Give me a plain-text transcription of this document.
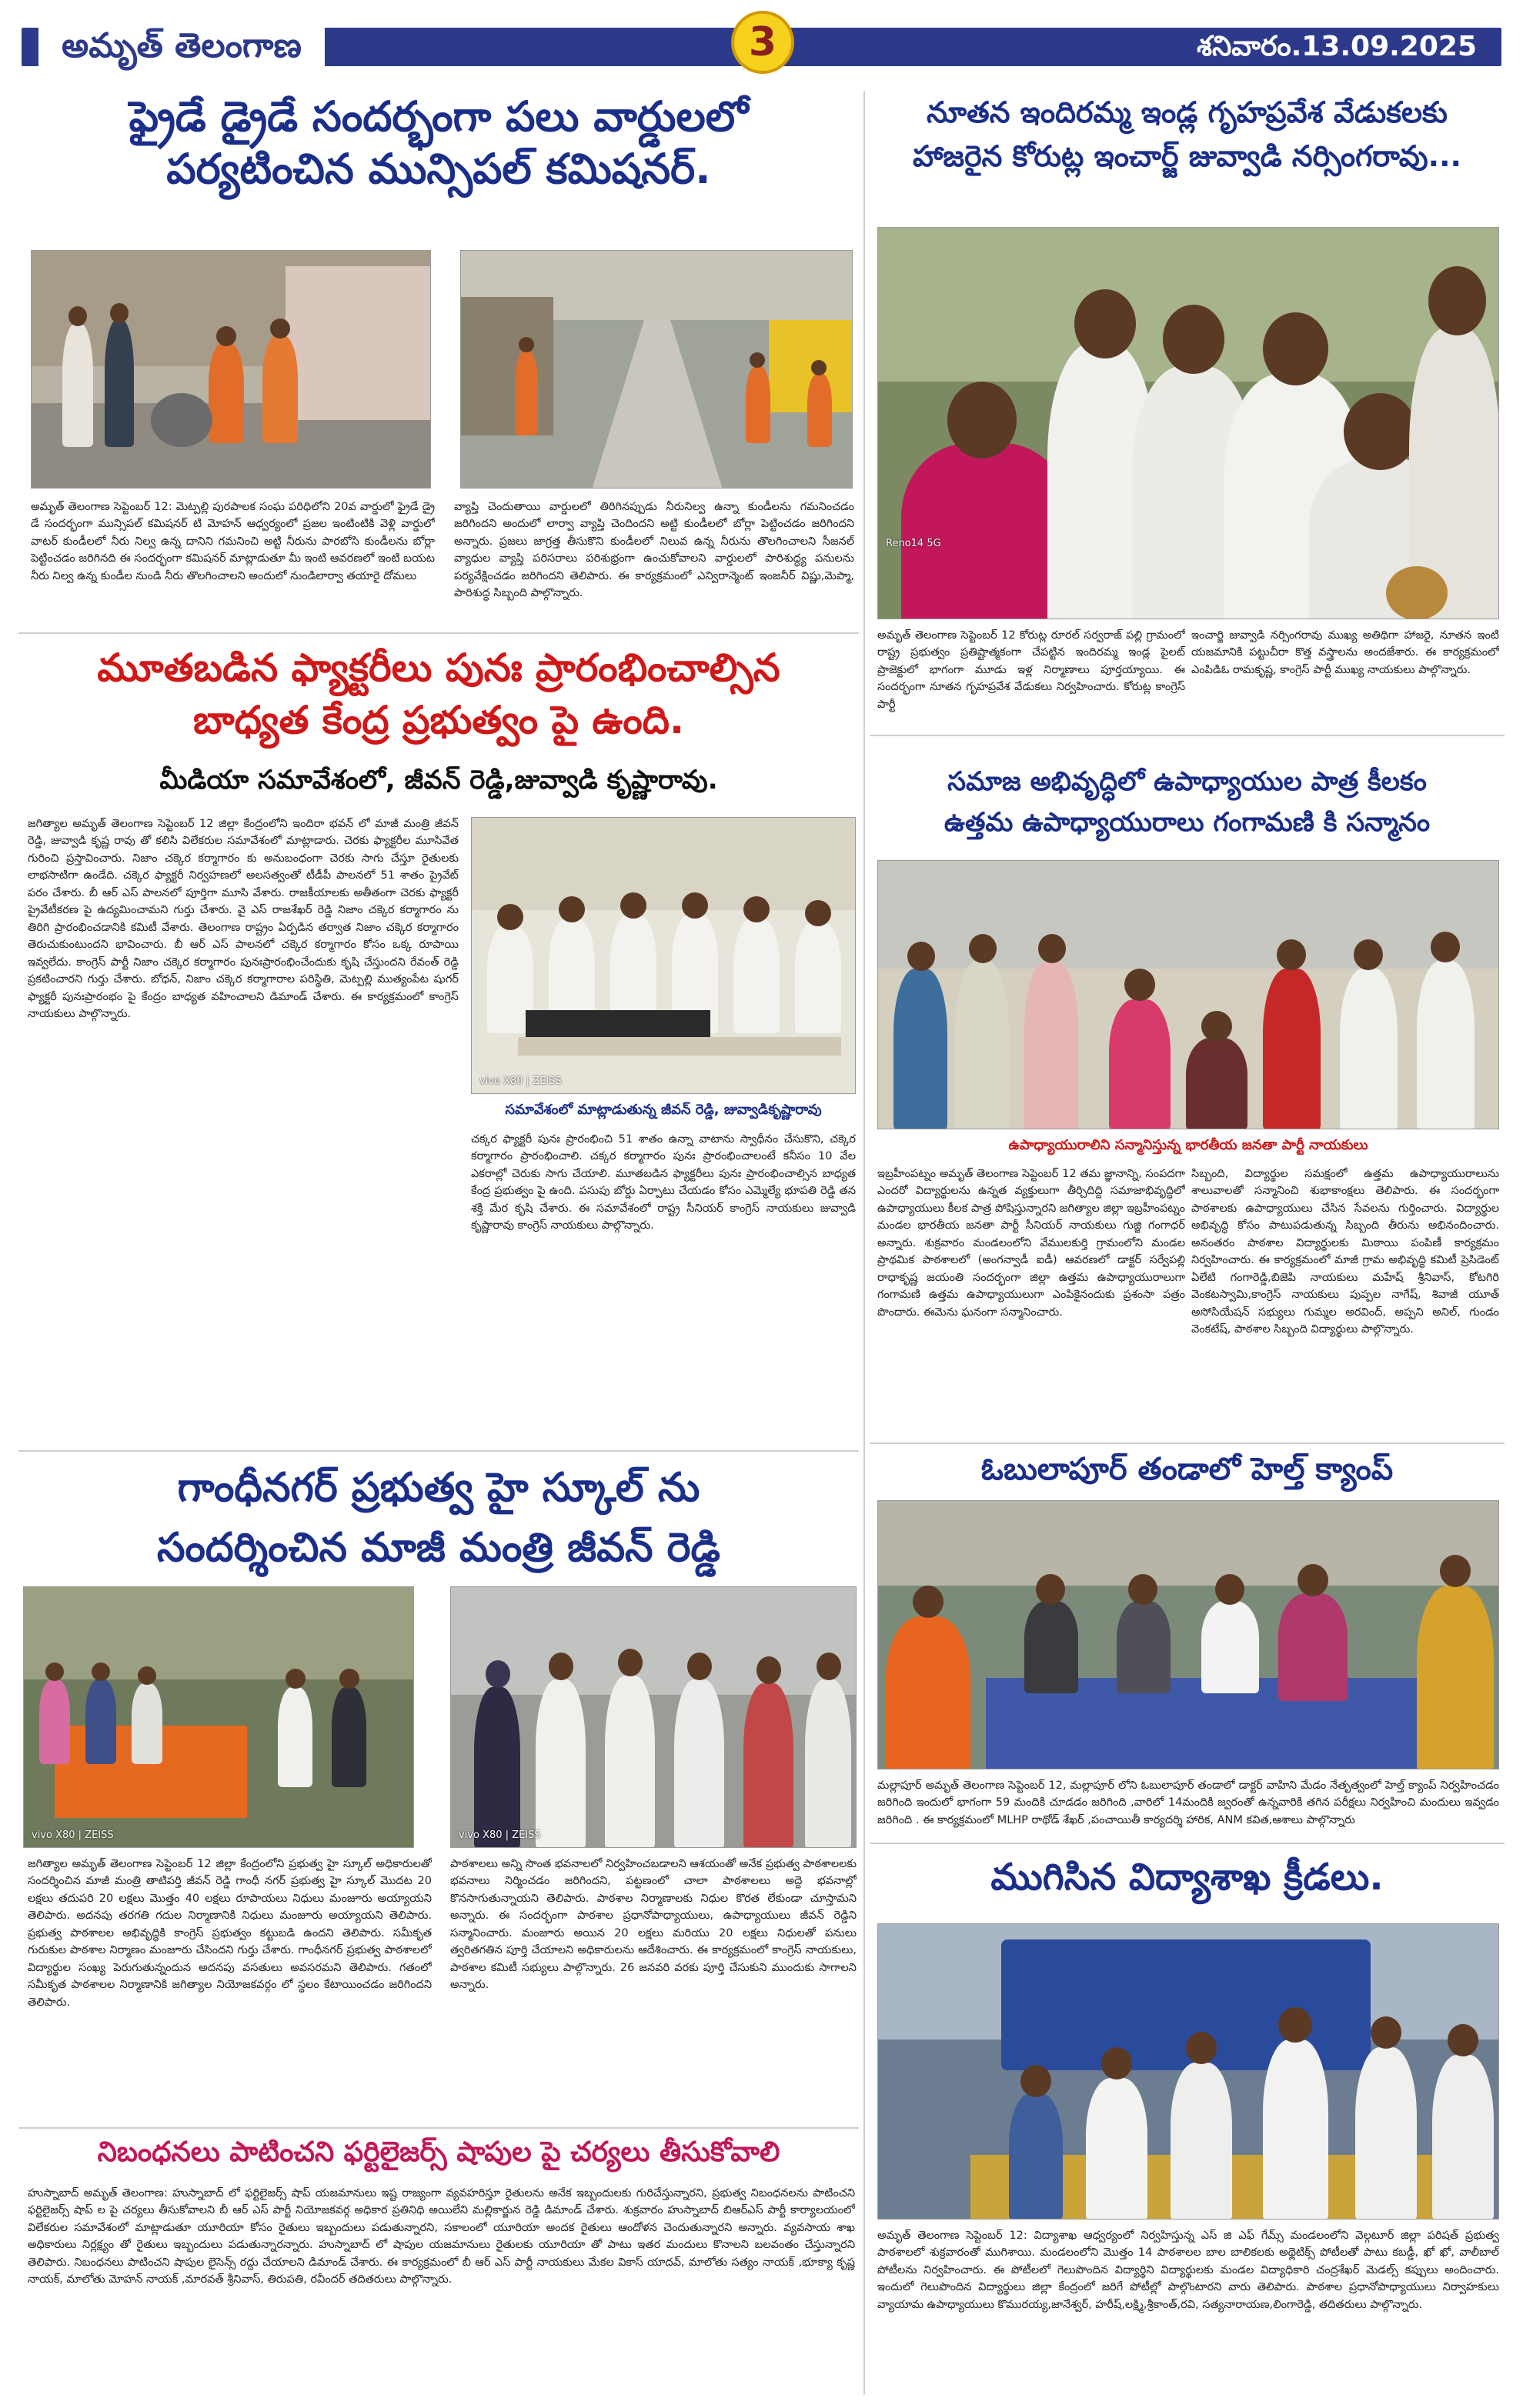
అమృత్ తెలంగాణ	3	శనివారం.13.09.2025
ఫ్రైడే డ్రైడే సందర్భంగా పలు వార్డులలో
పర్యటించిన మున్సిపల్ కమిషనర్.
అమృత్ తెలంగాణ సెప్టెంబర్ 12: మెట్పల్లి పురపాలక సంఘ పరిధిలోని 20వ వార్డులో ఫ్రైడే డ్రై డే సందర్భంగా మున్సిపల్ కమిషనర్ టి మోహన్ ఆధ్వర్యంలో ప్రజల ఇంటింటికి వెళ్లి వార్డులో వాటర్ కుండీలలో నీరు నిల్వ ఉన్న దానిని గమనించి అట్టి నీరును పారబోసి కుండీలను బోర్లా పెట్టించడం జరిగినది ఈ సందర్భంగా కమిషనర్ మాట్లాడుతూ మీ ఇంటి ఆవరణలో ఇంటి బయట నీరు నిల్వ ఉన్న కుండీల నుండి నీరు తొలగించాలని అందులో నుండిలార్వా తయారై దోమలు
వ్యాప్తి చెందుతాయి వార్డులలో తిరిగినప్పుడు నీరునిల్వ ఉన్నా కుండీలను గమనించడం జరిగిందని అందులో లార్వా వ్యాప్తి చెందిందని అట్టి కుండీలలో బోర్లా పెట్టించడం జరిగిందని అన్నారు. ప్రజలు జాగ్రత్త తీసుకొని కుండీలలో నిలువ ఉన్న నీరును తొలగించాలని సీజనల్ వ్యాధుల వ్యాప్తి పరిసరాలు పరిశుభ్రంగా ఉంచుకోవాలని వార్డులలో పారిశుద్ధ్య పనులను పర్యవేక్షించడం జరిగిందని తెలిపారు. ఈ కార్యక్రమంలో ఎన్విరాన్మెంట్ ఇంజనీర్ విష్ణు,మెప్మా, పారిశుద్ధ సిబ్బంది పాల్గొన్నారు.
నూతన ఇందిరమ్మ ఇండ్ల గృహప్రవేశ వేడుకలకు
హాజరైన కోరుట్ల ఇంచార్జ్ జువ్వాడి నర్సింగరావు...
Reno14 5G
అమృత్ తెలంగాణ సెప్టెంబర్ 12 కోరుట్ల రూరల్ సర్వరాజ్ పల్లి గ్రామంలో రాష్ట్ర ప్రభుత్వం ప్రతిష్టాత్మకంగా చేపట్టిన ఇందిరమ్మ ఇండ్ల పైలట్ ప్రాజెక్టులో భాగంగా మూడు ఇళ్ల నిర్మాణాలు పూర్తయ్యాయి. ఈ సందర్భంగా నూతన గృహప్రవేశ వేడుకలు నిర్వహించారు. కోరుట్ల కాంగ్రెస్ పార్టీ
ఇంచార్జి జువ్వాడి నర్సింగరావు ముఖ్య అతిథిగా హాజరై, నూతన ఇంటి యజమానికి పట్టుచీరా కొత్త వస్త్రాలను అందజేశారు. ఈ కార్యక్రమంలో ఎంపిడిఓ రామకృష్ణ, కాంగ్రెస్ పార్టీ ముఖ్య నాయకులు పాల్గొన్నారు.
మూతబడిన ఫ్యాక్టరీలు పునః ప్రారంభించాల్సిన
బాధ్యత కేంద్ర ప్రభుత్వం పై ఉంది.
మీడియా సమావేశంలో, జీవన్ రెడ్డి,జువ్వాడి కృష్ణారావు.
జగిత్యాల అమృత్ తెలంగాణ సెప్టెంబర్ 12 జిల్లా కేంద్రంలోని ఇందిరా భవన్ లో మాజీ మంత్రి జీవన్ రెడ్డి, జువ్వాడి కృష్ణ రావు తో కలిసి విలేకరుల సమావేశంలో మాట్లాడారు. చెరకు ఫ్యాక్టరీల మూసివేత గురించి ప్రస్తావించారు. నిజాం చక్కెర కర్మాగారం కు అనుబంధంగా చెరకు సాగు చేస్తూ రైతులకు లాభసాటిగా ఉండేది. చక్కెర ఫ్యాక్టరీ నిర్వహణలో అలసత్వంతో టీడీపీ పాలనలో 51 శాతం ప్రైవేట్ పరం చేశారు. బీ ఆర్ ఎస్ పాలనలో పూర్తిగా మూసి వేశారు. రాజకీయాలకు అతీతంగా చెరకు ఫ్యాక్టరీ ప్రైవేటీకరణ పై ఉద్యమించామని గుర్తు చేశారు. వై ఎస్ రాజశేఖర్ రెడ్డి నిజాం చక్కెర కర్మాగారం ను తిరిగి ప్రారంభించడానికి కమిటీ వేశారు. తెలంగాణ రాష్ట్రం ఏర్పడిన తర్వాత నిజాం చక్కెర కర్మాగారం తెరుచుకుంటుందని భావించారు. బీ ఆర్ ఎస్ పాలనలో చక్కెర కర్మాగారం కోసం ఒక్క రూపాయి ఇవ్వలేదు. కాంగ్రెస్ పార్టీ నిజాం చక్కెర కర్మాగారం పునఃప్రారంభించేందుకు కృషి చేస్తుందని రేవంత్ రెడ్డి ప్రకటించారని గుర్తు చేశారు. బోధన్, నిజాం చక్కెర కర్మాగారాల పరిస్థితి, మెట్పల్లి ముత్యంపేట షుగర్ ఫ్యాక్టరీ పునఃప్రారంభం పై కేంద్రం బాధ్యత వహించాలని డిమాండ్ చేశారు. ఈ కార్యక్రమంలో కాంగ్రెస్ నాయకులు పాల్గొన్నారు.
vivo X80 | ZEISS
సమావేశంలో మాట్లాడుతున్న జీవన్ రెడ్డి, జువ్వాడికృష్ణారావు
చక్కర ఫ్యాక్టరీ పునః ప్రారంభించి 51 శాతం ఉన్నా వాటాను స్వాధీనం చేసుకొని, చక్కెర కర్మాగారం ప్రారంభించాలి. చక్కర కర్మాగారం పునః ప్రారంభించాలంటే కనీసం 10 వేల ఎకరాల్లో చెరుకు సాగు చేయాలి. మూతబడిన ఫ్యాక్టరీలు పునః ప్రారంభించాల్సిన బాధ్యత కేంద్ర ప్రభుత్వం పై ఉంది. పసుపు బోర్డు ఏర్పాటు చేయడం కోసం ఎమ్మెల్యే భూపతి రెడ్డి తన శక్తి మేర కృషి చేశారు. ఈ సమావేశంలో రాష్ట్ర సీనియర్ కాంగ్రెస్ నాయకులు జువ్వాడి కృష్ణారావు కాంగ్రెస్ నాయకులు పాల్గొన్నారు.
సమాజ అభివృద్ధిలో ఉపాధ్యాయుల పాత్ర కీలకం
ఉత్తమ ఉపాధ్యాయురాలు గంగామణి కి సన్మానం
ఉపాధ్యాయురాలిని సన్మానిస్తున్న భారతీయ జనతా పార్టీ నాయకులు
ఇబ్రహీంపట్నం అమృత్ తెలంగాణ సెప్టెంబర్ 12 తమ జ్ఞానాన్ని, సంపదగా ఎందరో విద్యార్థులను ఉన్నత వ్యక్తులుగా తీర్చిదిద్ది సమాజాభివృద్ధిలో ఉపాధ్యాయులు కీలక పాత్ర పోషిస్తున్నారని జగిత్యాల జిల్లా ఇబ్రహీంపట్నం మండల భారతీయ జనతా పార్టీ సీనియర్ నాయకులు గుజ్జి గంగాధర్ అన్నారు. శుక్రవారం మండలంలోని వేములకుర్తి గ్రామంలోని మండల ప్రాథమిక పాఠశాలలో (అంగన్వాడీ ఐడీ) ఆవరణలో డాక్టర్ సర్వేపల్లి రాధాకృష్ణ జయంతి సందర్భంగా జిల్లా ఉత్తమ ఉపాధ్యాయురాలుగా గంగామణి ఉత్తమ ఉపాధ్యాయులుగా ఎంపికైనందుకు ప్రశంసా పత్రం పొందారు. ఈమెను ఘనంగా సన్మానించారు.
సిబ్బంది, విద్యార్థుల సమక్షంలో ఉత్తమ ఉపాధ్యాయురాలును శాలువాలతో సన్మానించి శుభాకాంక్షలు తెలిపారు. ఈ సందర్భంగా పాఠశాలకు ఉపాధ్యాయులు చేసిన సేవలను గుర్తించారు. విద్యార్థుల అభివృద్ధి కోసం పాటుపడుతున్న సిబ్బంది తీరును అభినందించారు. అనంతరం పాఠశాల విద్యార్థులకు మిఠాయి పంపిణీ కార్యక్రమం నిర్వహించారు. ఈ కార్యక్రమంలో మాజీ గ్రామ అభివృద్ధి కమిటీ ప్రెసిడెంట్ ఏలేటి గంగారెడ్డి,బిజెపి నాయకులు మహేష్ శ్రీనివాస్, కోటగిరి వెంకటస్వామి,కాంగ్రెస్ నాయకులు పుప్పల నాగేష్, శివాజీ యూత్ అసోసియేషన్ సభ్యులు గుమ్మల అరవింద్, అప్పని అనిల్, గుండం వెంకటేష్, పాఠశాల సిబ్బంది విద్యార్థులు పాల్గొన్నారు.
గాంధీనగర్ ప్రభుత్వ హై స్కూల్ ను
సందర్శించిన మాజీ మంత్రి జీవన్ రెడ్డి
vivo X80 | ZEISS	vivo X80 | ZEISS
జగిత్యాల అమృత్ తెలంగాణ సెప్టెంబర్ 12 జిల్లా కేంద్రంలోని ప్రభుత్వ హై స్కూల్ అధికారులతో సందర్శించిన మాజీ మంత్రి తాటిపర్తి జీవన్ రెడ్డి గాంధీ నగర్ ప్రభుత్వ హై స్కూల్ మొదట 20 లక్షలు తదుపరి 20 లక్షలు మొత్తం 40 లక్షలు రూపాయలు నిధులు మంజూరు అయ్యాయని తెలిపారు. అదనపు తరగతి గదుల నిర్మాణానికి నిధులు మంజూరు అయ్యాయని తెలిపారు. ప్రభుత్వ పాఠశాలల అభివృద్ధికి కాంగ్రెస్ ప్రభుత్వం కట్టుబడి ఉందని తెలిపారు. సమీకృత గురుకుల పాఠశాల నిర్మాణం మంజూరు చేసిందని గుర్తు చేశారు. గాంధీనగర్ ప్రభుత్వ పాఠశాలలో విద్యార్థుల సంఖ్య పెరుగుతున్నందున అదనపు వసతులు అవసరమని తెలిపారు. గతంలో సమీకృత పాఠశాలల నిర్మాణానికి జగిత్యాల నియోజకవర్గం లో స్థలం కేటాయించడం జరిగిందని తెలిపారు.
పాఠశాలలు అన్ని సొంత భవనాలలో నిర్వహించబడాలని ఆశయంతో అనేక ప్రభుత్వ పాఠశాలలకు భవనాలు నిర్మించడం జరిగిందని, పట్టణంలో చాలా పాఠశాలలు అద్దె భవనాల్లో కొనసాగుతున్నాయని తెలిపారు. పాఠశాల నిర్మాణాలకు నిధుల కొరత లేకుండా చూస్తామని అన్నారు. ఈ సందర్భంగా పాఠశాల ప్రధానోపాధ్యాయులు, ఉపాధ్యాయులు జీవన్ రెడ్డిని సన్మానించారు. మంజూరు అయిన 20 లక్షలు మరియు 20 లక్షలు నిధులతో పనులు త్వరితగతిన పూర్తి చేయాలని అధికారులను ఆదేశించారు. ఈ కార్యక్రమంలో కాంగ్రెస్ నాయకులు, పాఠశాల కమిటీ సభ్యులు పాల్గొన్నారు. 26 జనవరి వరకు పూర్తి చేసుకుని ముందుకు సాగాలని అన్నారు.
ఓబులాపూర్ తండాలో హెల్త్ క్యాంప్
మల్లాపూర్ అమృత్ తెలంగాణ సెప్టెంబర్ 12, మల్లాపూర్ లోని ఓబులాపూర్ తండాలో డాక్టర్ వాహిని మేడం నేతృత్వంలో హెల్త్ క్యాంప్ నిర్వహించడం జరిగింది ఇందులో భాగంగా 59 మందికి చూడడం జరిగింది ,వారిలో 14మందికి జ్వరంతో ఉన్నవారికి తగిన పరీక్షలు నిర్వహించి మందులు ఇవ్వడం జరిగింది . ఈ కార్యక్రమంలో MLHP రాథోడ్ శేఖర్ ,పంచాయితీ కార్యదర్శి హారిక, ANM కవిత,ఆశాలు పాల్గొన్నారు
ముగిసిన విద్యాశాఖ క్రీడలు.
అమృత్ తెలంగాణ సెప్టెంబర్ 12: విద్యాశాఖ ఆధ్వర్యంలో నిర్వహిస్తున్న ఎస్ జి ఎఫ్ గేమ్స్ మండలంలోని వెల్గటూర్ జిల్లా పరిషత్ ప్రభుత్వ పాఠశాలలో శుక్రవారంతో ముగిశాయి. మండలంలోని మొత్తం 14 పాఠశాలల బాల బాలికలకు అథ్లెటిక్స్ పోటీలతో పాటు కబడ్డీ, ఖో ఖో, వాలీబాల్ పోటీలను నిర్వహించారు. ఈ పోటీలలో గెలుపొందిన విద్యార్థిని విద్యార్థులకు మండల విద్యాధికారి చంద్రశేఖర్ మెడల్స్ కప్పులు అందించారు. ఇందులో గెలుపొందిన విద్యార్థులు జిల్లా కేంద్రంలో జరిగే పోటీల్లో పాల్గొంటారని వారు తెలిపారు. పాఠశాల ప్రధానోపాధ్యాయులు నిర్వాహకులు వ్యాయామ ఉపాధ్యాయులు కొమురయ్య,జానేశ్వర్, హరీష్,లక్ష్మి,శ్రీకాంత్,రవి, సత్యనారాయణ,లింగారెడ్డి, తదితరులు పాల్గొన్నారు.
నిబంధనలు పాటించని ఫర్టిలైజర్స్ షాపుల పై చర్యలు తీసుకోవాలి
హుస్నాబాద్ అమృత్ తెలంగాణ: హుస్నాబాద్ లో ఫర్టిలైజర్స్ షాప్ యజమానులు ఇష్ట రాజ్యంగా వ్యవహరిస్తూ రైతులను అనేక ఇబ్బందులకు గురిచేస్తున్నారని, ప్రభుత్వ నిబంధనలను పాటించని ఫర్టిలైజర్స్ షాప్ ల పై చర్యలు తీసుకోవాలని బీ ఆర్ ఎస్ పార్టీ నియోజకవర్గ అధికార ప్రతినిధి అయిలేని మల్లికార్జున రెడ్డి డిమాండ్ చేశారు. శుక్రవారం హుస్నాబాద్ బిఆర్ఎస్ పార్టీ కార్యాలయంలో విలేకరుల సమావేశంలో మాట్లాడుతూ యూరియా కోసం రైతులు ఇబ్బందులు పడుతున్నారని, సకాలంలో యూరియా అందక రైతులు ఆందోళన చెందుతున్నారని అన్నారు. వ్యవసాయ శాఖ అధికారులు నిర్లక్ష్యం తో రైతులు ఇబ్బందులు పడుతున్నారన్నారు. హుస్నాబాద్ లో షాపుల యజమానులు రైతులకు యూరియా తో పాటు ఇతర మందులు కొనాలని బలవంతం చేస్తున్నారని తెలిపారు. నిబంధనలు పాటించని షాపుల లైసెన్స్ రద్దు చేయాలని డిమాండ్ చేశారు. ఈ కార్యక్రమంలో బీ ఆర్ ఎస్ పార్టీ నాయకులు మేకల వికాస్ యాదవ్, మాలోతు సత్యం నాయక్ ,భూక్యా కృష్ణ నాయక్, మాలోతు మోహన్ నాయక్ ,మారవత్ శ్రీనివాస్, తిరుపతి, రవీందర్ తదితరులు పాల్గొన్నారు.
